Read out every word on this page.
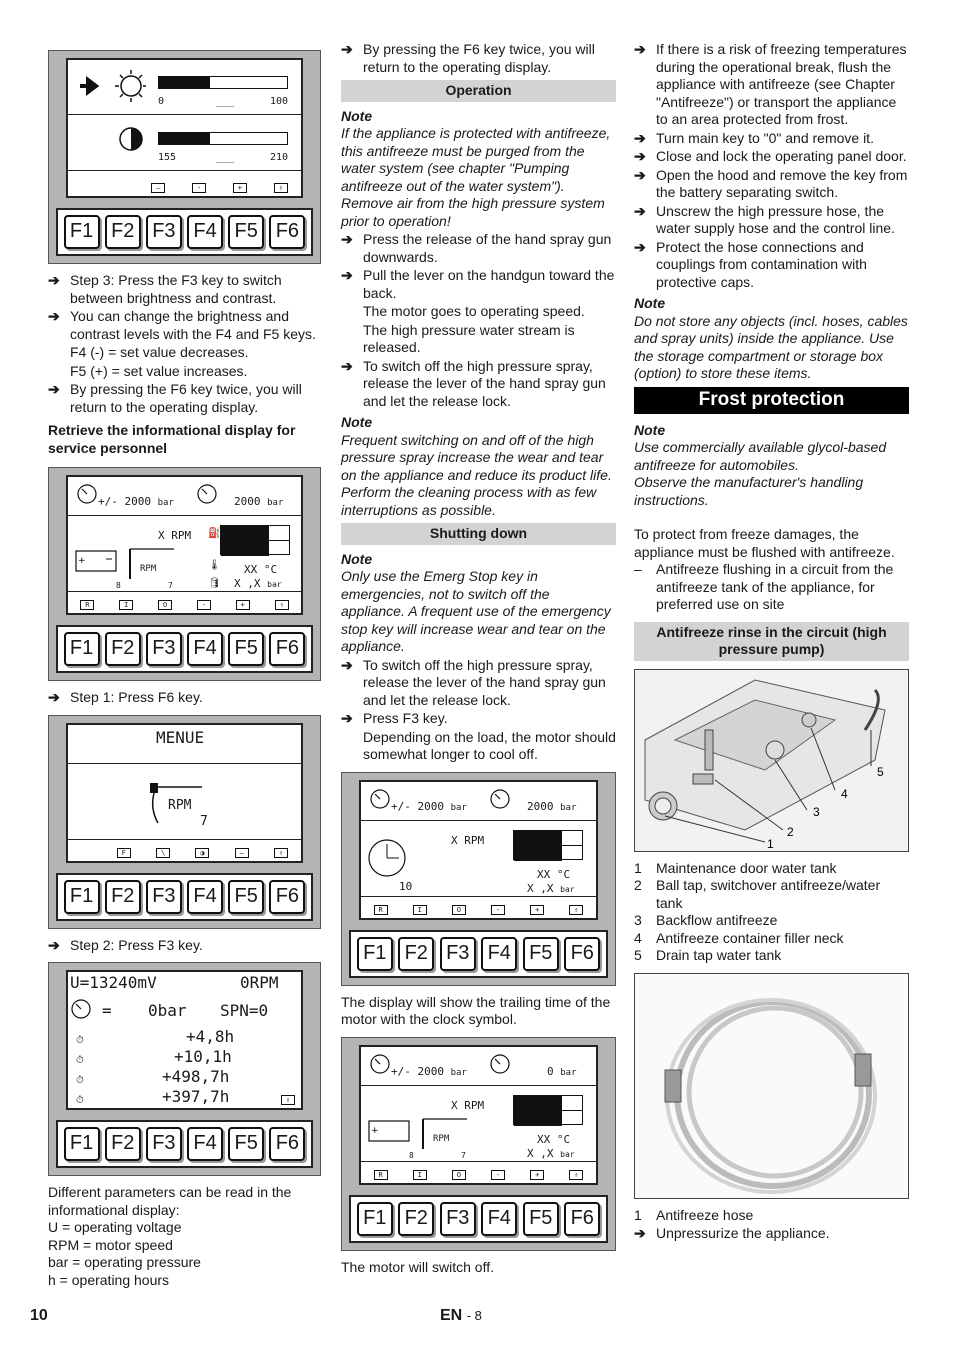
0	___	100
155	___	210
—	-	+	⇑
F1 F2 F3 F4 F5 F6
➔ Step 3: Press the F3 key to switch between brightness and contrast.
➔ You can change the brightness and contrast levels with the F4 and F5 keys.

F4 (-) = set value decreases.

F5 (+) = set value increases.

➔ By pressing the F6 key twice, you will return to the operating display.

Retrieve the informational display for service personnel

+/- 2000 bar	2000 bar
X RPM ⛽
+
8
RPM
7
🌡 XX °C
🛢 X ,X bar
R	I	O	-	+	⇑
F1 F2 F3 F4 F5 F6
➔ Step 1: Press F6 key.
MENUE
RPM
7
F	\	◑	—	⇑
F1 F2 F3 F4 F5 F6
➔ Step 2: Press F3 key.
U=13240mV	0RPM
= 0bar SPN=0
⏱
⏱
⏱
⏱
+4,8h
+10,1h
+498,7h
+397,7h	⇑
F1 F2 F3 F4 F5 F6

Different parameters can be read in the informational display:

U = operating voltage

RPM = motor speed

bar = operating pressure

h = operating hours

➔ By pressing the F6 key twice, you will return to the operating display.
Operation

Note

If the appliance is protected with antifreeze, this antifreeze must be purged from the water system (see chapter "Pumping antifreeze out of the water system").

Remove air from the high pressure system prior to operation!

➔ Press the release of the hand spray gun downwards.
➔ Pull the lever on the handgun toward the back.

The motor goes to operating speed.

The high pressure water stream is released.

➔ To switch off the high pressure spray, release the lever of the hand spray gun and let the release lock.

Note

Frequent switching on and off of the high pressure spray increase the wear and tear on the appliance and reduce its product life. Perform the cleaning process with as few interruptions as possible.

Shutting down

Note

Only use the Emerg Stop key in emergencies, not to switch off the appliance. A frequent use of the emergency stop key will increase wear and tear on the appliance.

➔ To switch off the high pressure spray, release the lever of the hand spray gun and let the release lock.
➔ Press F3 key.

Depending on the load, the motor should somewhat longer to cool off.

+/- 2000 bar	2000 bar
X RPM
10
XX °C
X ,X bar
R	I	O	-	+	⇑
F1 F2 F3 F4 F5 F6

The display will show the trailing time of the motor with the clock symbol.

+/- 2000 bar	0 bar
X RPM
+
8
RPM
7
XX °C
X ,X bar
R	I	O	-	+	⇑
F1 F2 F3 F4 F5 F6

The motor will switch off.

➔ If there is a risk of freezing temperatures during the operational break, flush the appliance with antifreeze (see Chapter "Antifreeze") or transport the appliance to an area protected from frost.
➔ Turn main key to "0" and remove it.
➔ Close and lock the operating panel door.
➔ Open the hood and remove the key from the battery separating switch.
➔ Unscrew the high pressure hose, the water supply hose and the control line.
➔ Protect the hose connections and couplings from contamination with protective caps.

Note

Do not store any objects (incl. hoses, cables and spray units) inside the appliance. Use the storage compartment or storage box (option) to store these items.

Frost protection

Note

Use commercially available glycol-based antifreeze for automobiles.

Observe the manufacturer's handling instructions.

To protect from freeze damages, the appliance must be flushed with antifreeze.

–	Antifreeze flushing in a circuit from the antifreeze tank of the appliance, for preferred use on site
Antifreeze rinse in the circuit (high pressure pump)
1
2
3
4
5
1	Maintenance door water tank
2	Ball tap, switchover antifreeze/water tank
3	Backflow antifreeze
4	Antifreeze container filler neck
5	Drain tap water tank
1	Antifreeze hose
➔ Unpressurize the appliance.
10	EN - 8
